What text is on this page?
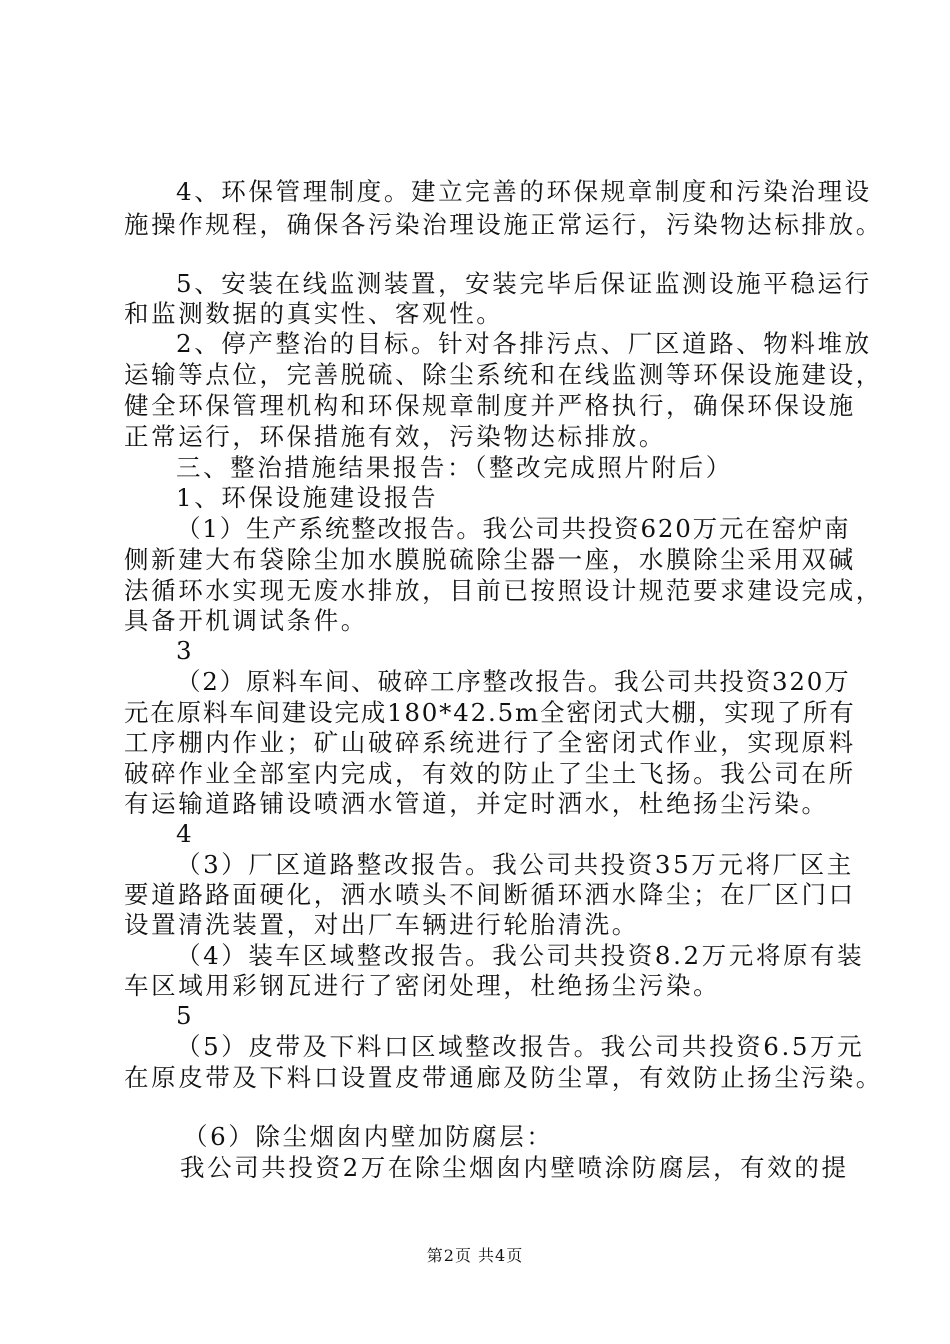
4、环保管理制度。建立完善的环保规章制度和污染治理设

施操作规程，确保各污染治理设施正常运行，污染物达标排放。

5、安装在线监测装置，安装完毕后保证监测设施平稳运行

和监测数据的真实性、客观性。

2、停产整治的目标。针对各排污点、厂区道路、物料堆放

运输等点位，完善脱硫、除尘系统和在线监测等环保设施建设，

健全环保管理机构和环保规章制度并严格执行，确保环保设施

正常运行，环保措施有效，污染物达标排放。

三、整治措施结果报告：（整改完成照片附后）

1、环保设施建设报告

（1）生产系统整改报告。我公司共投资620万元在窑炉南

侧新建大布袋除尘加水膜脱硫除尘器一座，水膜除尘采用双碱

法循环水实现无废水排放，目前已按照设计规范要求建设完成，

具备开机调试条件。

3

（2）原料车间、破碎工序整改报告。我公司共投资320万

元在原料车间建设完成180*42.5m全密闭式大棚，实现了所有

工序棚内作业；矿山破碎系统进行了全密闭式作业，实现原料

破碎作业全部室内完成，有效的防止了尘土飞扬。我公司在所

有运输道路铺设喷洒水管道，并定时洒水，杜绝扬尘污染。

4

（3）厂区道路整改报告。我公司共投资35万元将厂区主

要道路路面硬化，洒水喷头不间断循环洒水降尘；在厂区门口

设置清洗装置，对出厂车辆进行轮胎清洗。

（4）装车区域整改报告。我公司共投资8.2万元将原有装

车区域用彩钢瓦进行了密闭处理，杜绝扬尘污染。

5

（5）皮带及下料口区域整改报告。我公司共投资6.5万元

在原皮带及下料口设置皮带通廊及防尘罩，有效防止扬尘污染。

（6）除尘烟囱内壁加防腐层：

我公司共投资2万在除尘烟囱内壁喷涂防腐层，有效的提

第2页 共4页
